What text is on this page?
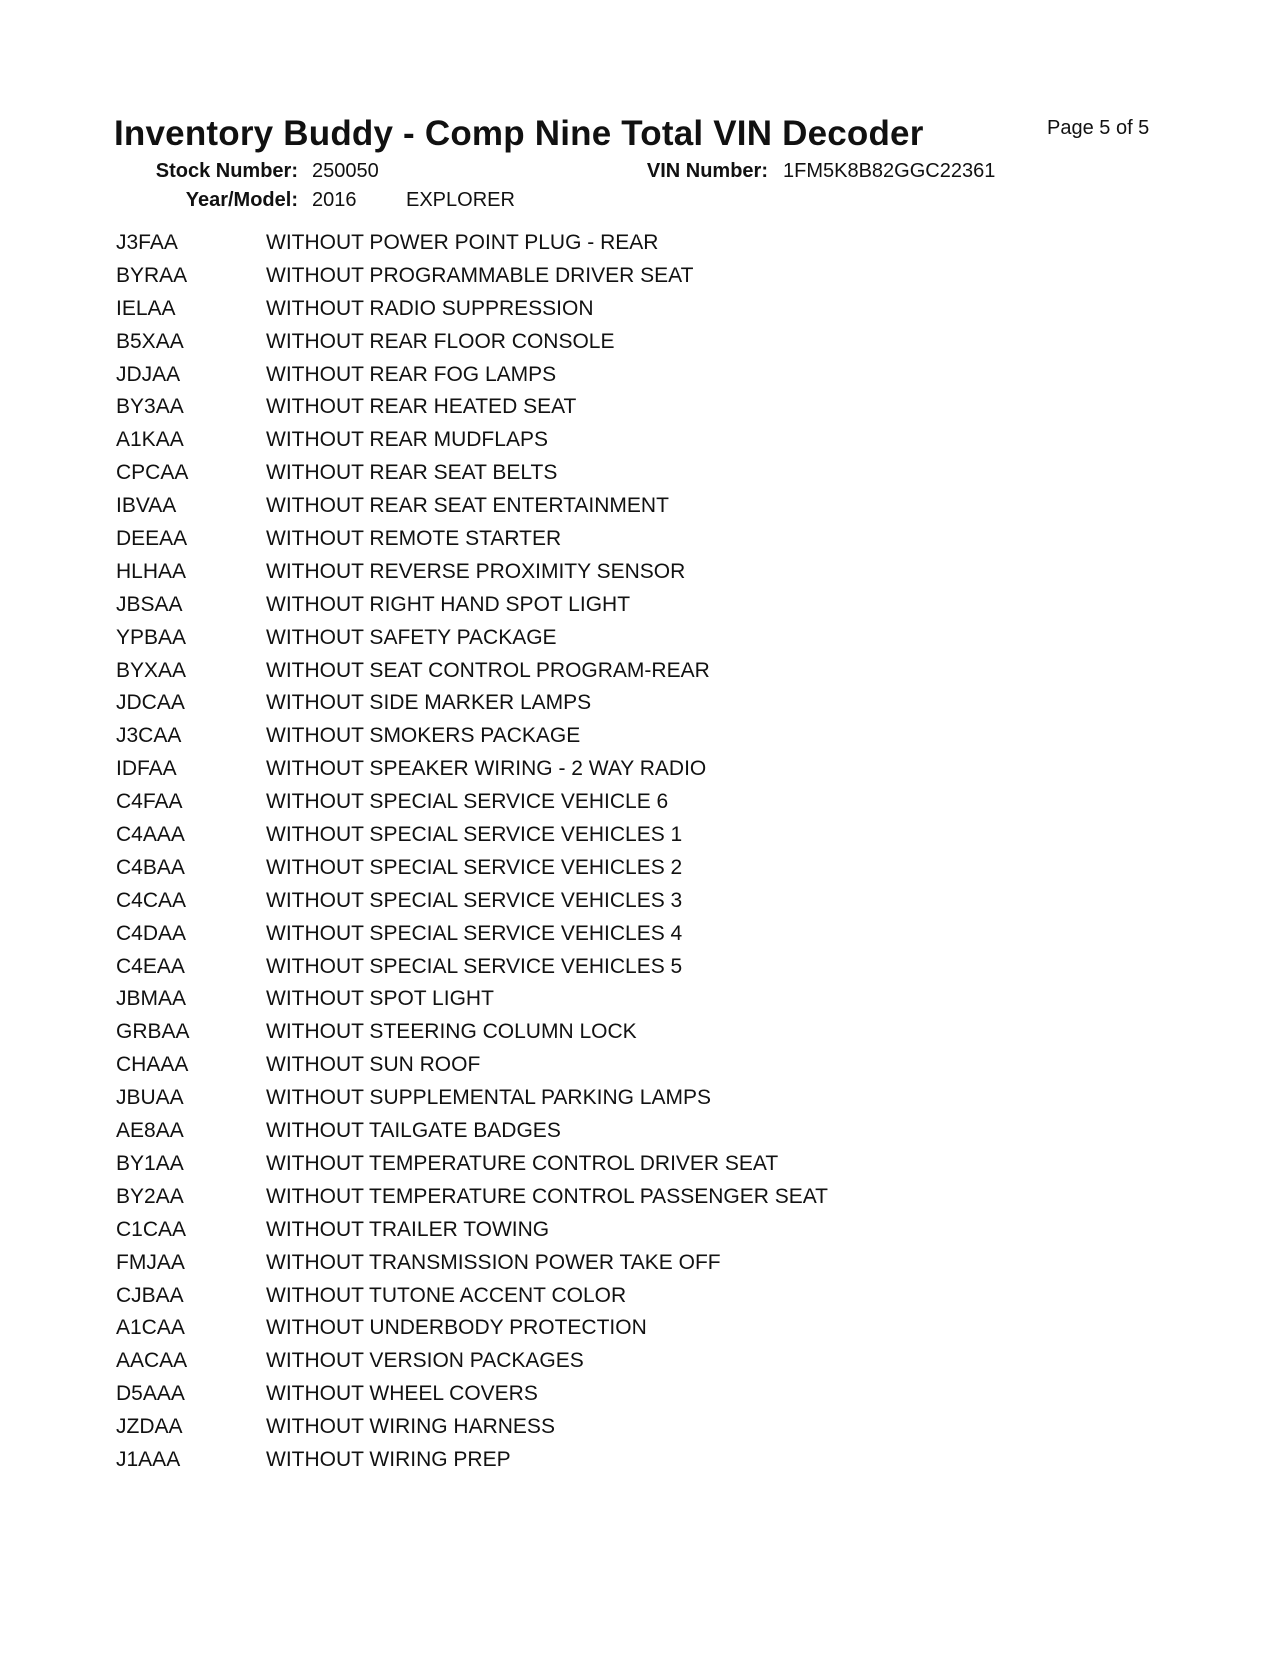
Inventory Buddy - Comp Nine Total VIN Decoder	Page 5 of 5
Stock Number: 250050	VIN Number: 1FM5K8B82GGC22361
Year/Model: 2016 EXPLORER
J3FAA	WITHOUT POWER POINT PLUG - REAR
BYRAA	WITHOUT PROGRAMMABLE DRIVER SEAT
IELAA	WITHOUT RADIO SUPPRESSION
B5XAA	WITHOUT REAR FLOOR CONSOLE
JDJAA	WITHOUT REAR FOG LAMPS
BY3AA	WITHOUT REAR HEATED SEAT
A1KAA	WITHOUT REAR MUDFLAPS
CPCAA	WITHOUT REAR SEAT BELTS
IBVAA	WITHOUT REAR SEAT ENTERTAINMENT
DEEAA	WITHOUT REMOTE STARTER
HLHAA	WITHOUT REVERSE PROXIMITY SENSOR
JBSAA	WITHOUT RIGHT HAND SPOT LIGHT
YPBAA	WITHOUT SAFETY PACKAGE
BYXAA	WITHOUT SEAT CONTROL PROGRAM-REAR
JDCAA	WITHOUT SIDE MARKER LAMPS
J3CAA	WITHOUT SMOKERS PACKAGE
IDFAA	WITHOUT SPEAKER WIRING - 2 WAY RADIO
C4FAA	WITHOUT SPECIAL SERVICE VEHICLE 6
C4AAA	WITHOUT SPECIAL SERVICE VEHICLES 1
C4BAA	WITHOUT SPECIAL SERVICE VEHICLES 2
C4CAA	WITHOUT SPECIAL SERVICE VEHICLES 3
C4DAA	WITHOUT SPECIAL SERVICE VEHICLES 4
C4EAA	WITHOUT SPECIAL SERVICE VEHICLES 5
JBMAA	WITHOUT SPOT LIGHT
GRBAA	WITHOUT STEERING COLUMN LOCK
CHAAA	WITHOUT SUN ROOF
JBUAA	WITHOUT SUPPLEMENTAL PARKING LAMPS
AE8AA	WITHOUT TAILGATE BADGES
BY1AA	WITHOUT TEMPERATURE CONTROL DRIVER SEAT
BY2AA	WITHOUT TEMPERATURE CONTROL PASSENGER SEAT
C1CAA	WITHOUT TRAILER TOWING
FMJAA	WITHOUT TRANSMISSION POWER TAKE OFF
CJBAA	WITHOUT TUTONE ACCENT COLOR
A1CAA	WITHOUT UNDERBODY PROTECTION
AACAA	WITHOUT VERSION PACKAGES
D5AAA	WITHOUT WHEEL COVERS
JZDAA	WITHOUT WIRING HARNESS
J1AAA	WITHOUT WIRING PREP
